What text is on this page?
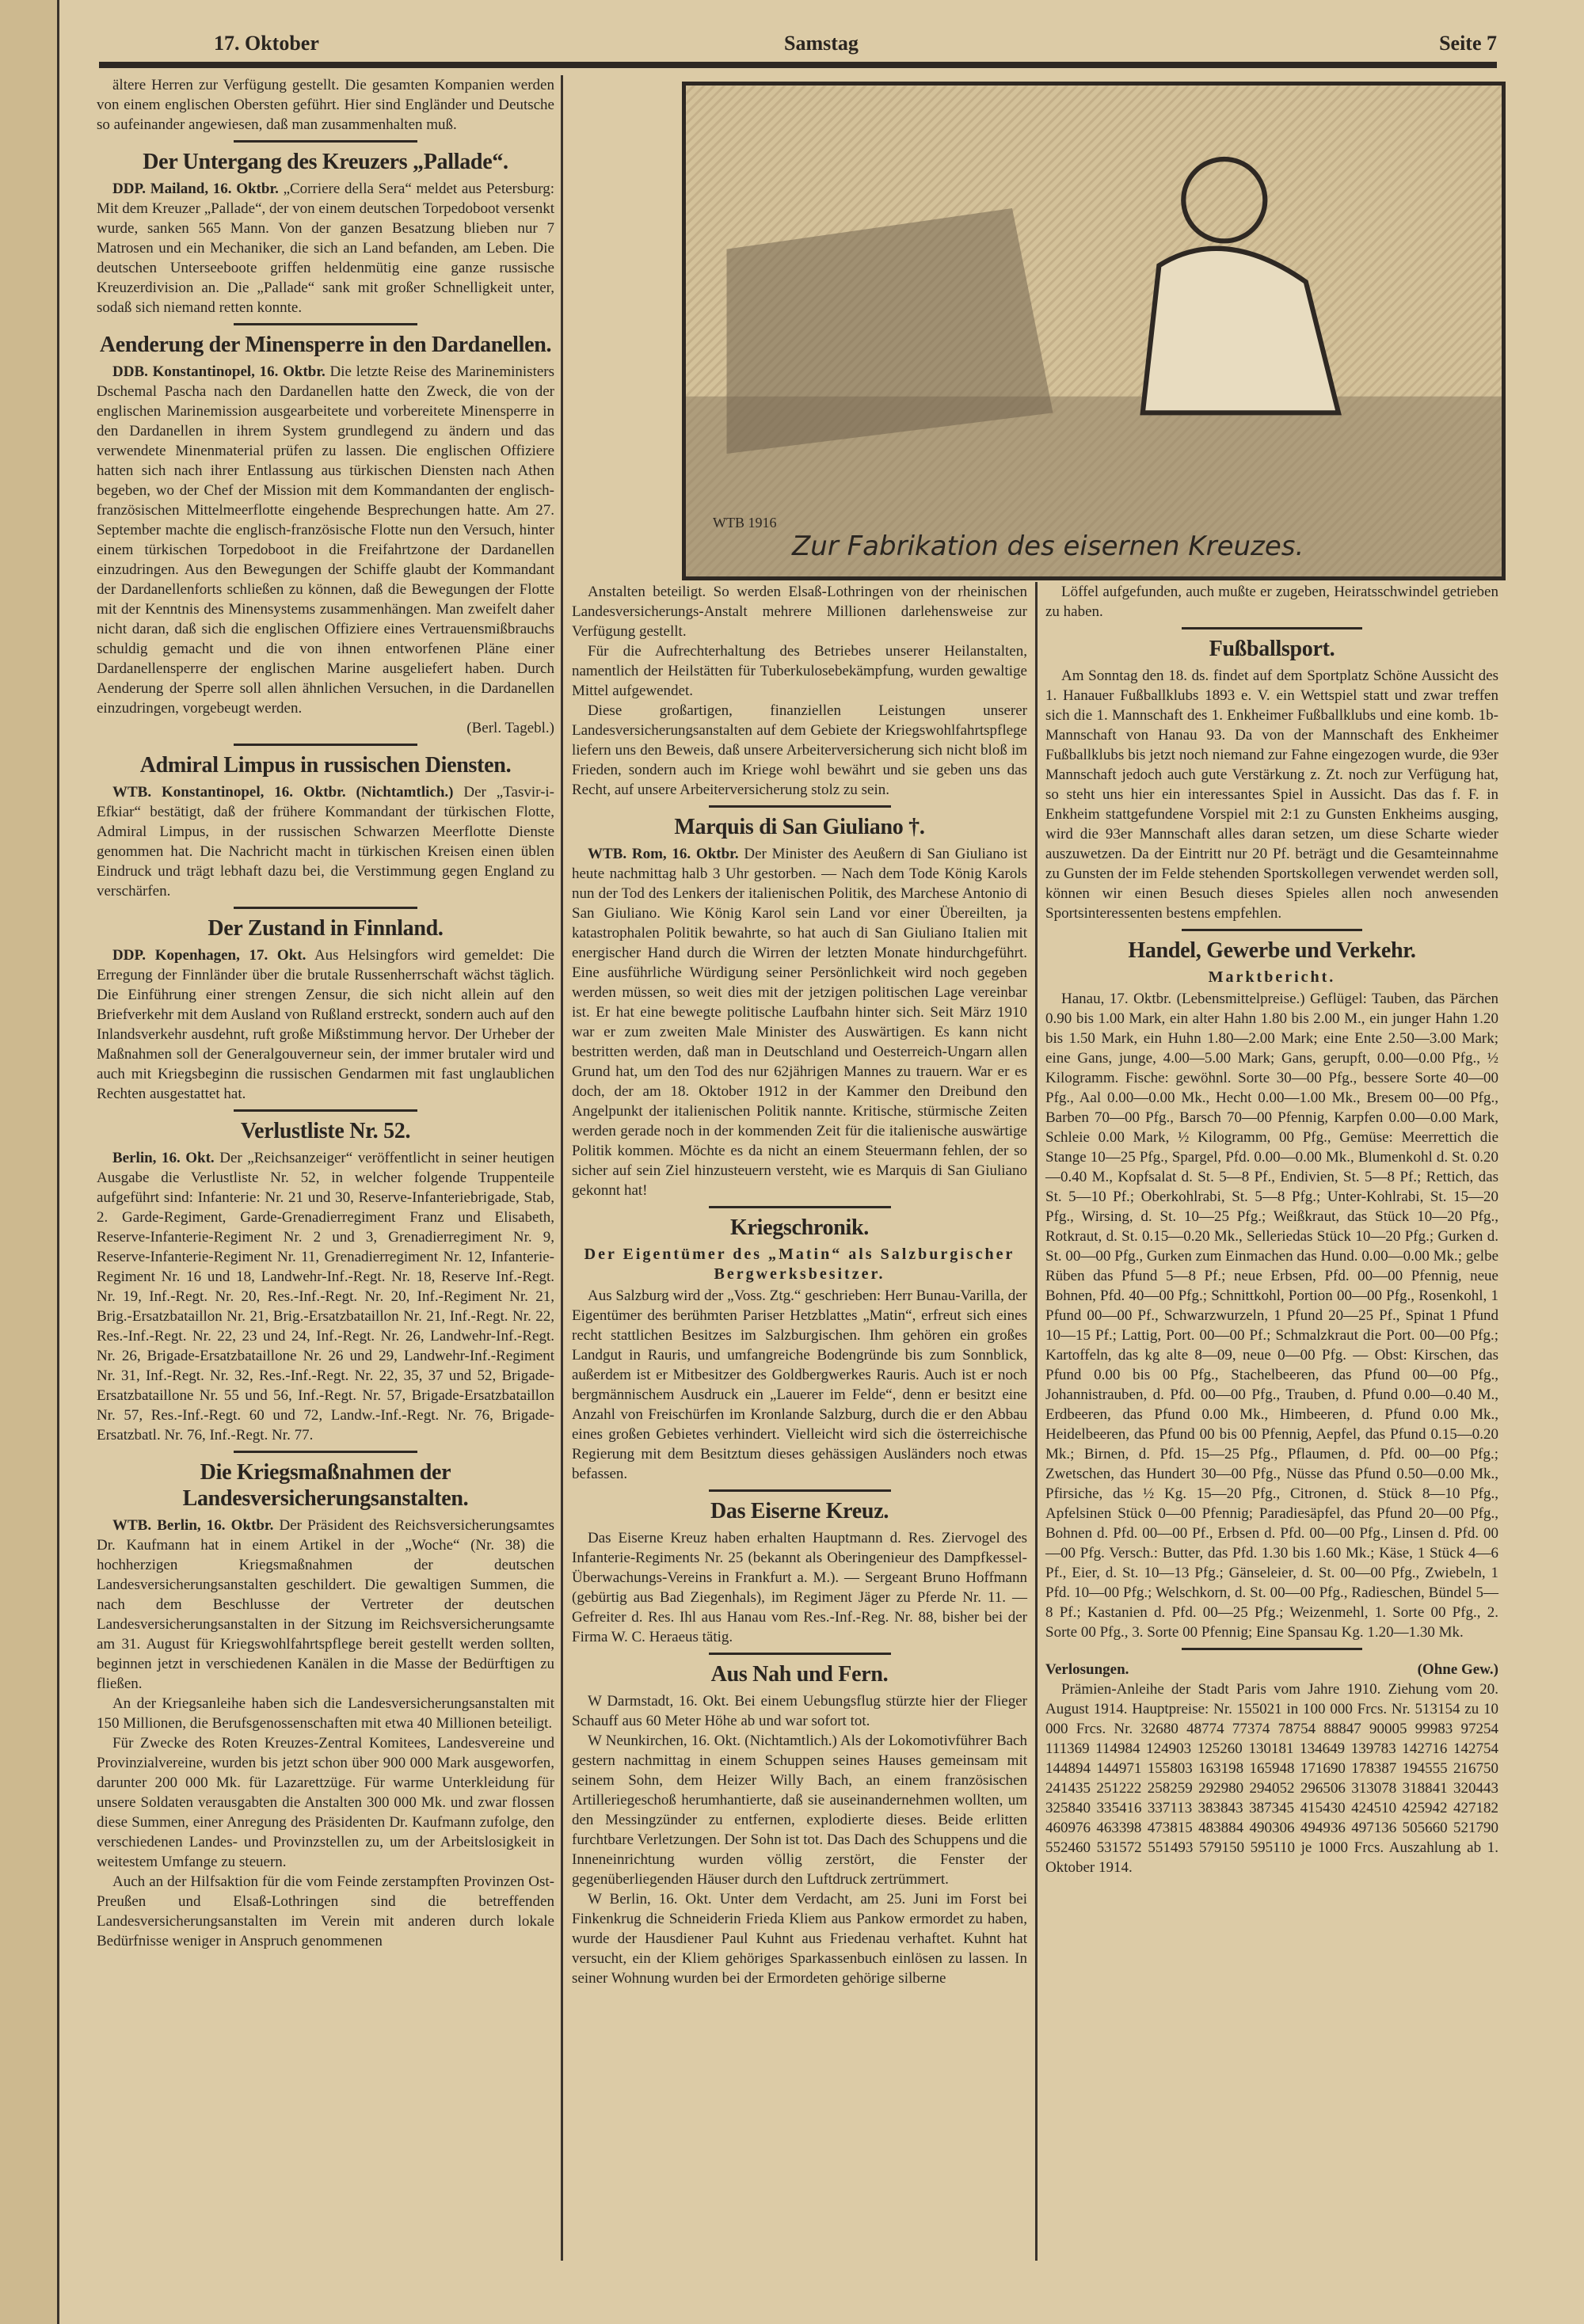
17. Oktober	Samstag	Seite 7
WTB 1916
Zur Fabrikation des eisernen Kreuzes.

ältere Herren zur Verfügung gestellt. Die gesamten Kompanien werden von einem englischen Obersten geführt. Hier sind Engländer und Deutsche so aufeinander angewiesen, daß man zusammenhalten muß.

Der Untergang des Kreuzers „Pallade“.

DDP. Mailand, 16. Oktbr. „Corriere della Sera“ meldet aus Petersburg: Mit dem Kreuzer „Pallade“, der von einem deutschen Torpedoboot versenkt wurde, sanken 565 Mann. Von der ganzen Besatzung blieben nur 7 Matrosen und ein Mechaniker, die sich an Land befanden, am Leben. Die deutschen Unterseeboote griffen heldenmütig eine ganze russische Kreuzerdivision an. Die „Pallade“ sank mit großer Schnelligkeit unter, sodaß sich niemand retten konnte.

Aenderung der Minensperre in den Dardanellen.

DDB. Konstantinopel, 16. Oktbr. Die letzte Reise des Marineministers Dschemal Pascha nach den Dardanellen hatte den Zweck, die von der englischen Marinemission ausgearbeitete und vorbereitete Minensperre in den Dardanellen in ihrem System grundlegend zu ändern und das verwendete Minenmaterial prüfen zu lassen. Die englischen Offiziere hatten sich nach ihrer Entlassung aus türkischen Diensten nach Athen begeben, wo der Chef der Mission mit dem Kommandanten der englisch-französischen Mittelmeerflotte eingehende Besprechungen hatte. Am 27. September machte die englisch-französische Flotte nun den Versuch, hinter einem türkischen Torpedoboot in die Freifahrtzone der Dardanellen einzudringen. Aus den Bewegungen der Schiffe glaubt der Kommandant der Dardanellenforts schließen zu können, daß die Bewegungen der Flotte mit der Kenntnis des Minensystems zusammenhängen. Man zweifelt daher nicht daran, daß sich die englischen Offiziere eines Vertrauensmißbrauchs schuldig gemacht und die von ihnen entworfenen Pläne einer Dardanellensperre der englischen Marine ausgeliefert haben. Durch Aenderung der Sperre soll allen ähnlichen Versuchen, in die Dardanellen einzudringen, vorgebeugt werden.

(Berl. Tagebl.)

Admiral Limpus in russischen Diensten.

WTB. Konstantinopel, 16. Oktbr. (Nichtamtlich.) Der „Tasvir-i-Efkiar“ bestätigt, daß der frühere Kommandant der türkischen Flotte, Admiral Limpus, in der russischen Schwarzen Meerflotte Dienste genommen hat. Die Nachricht macht in türkischen Kreisen einen üblen Eindruck und trägt lebhaft dazu bei, die Verstimmung gegen England zu verschärfen.

Der Zustand in Finnland.

DDP. Kopenhagen, 17. Okt. Aus Helsingfors wird gemeldet: Die Erregung der Finnländer über die brutale Russenherrschaft wächst täglich. Die Einführung einer strengen Zensur, die sich nicht allein auf den Briefverkehr mit dem Ausland von Rußland erstreckt, sondern auch auf den Inlandsverkehr ausdehnt, ruft große Mißstimmung hervor. Der Urheber der Maßnahmen soll der Generalgouverneur sein, der immer brutaler wird und auch mit Kriegsbeginn die russischen Gendarmen mit fast unglaublichen Rechten ausgestattet hat.

Verlustliste Nr. 52.

Berlin, 16. Okt. Der „Reichsanzeiger“ veröffentlicht in seiner heutigen Ausgabe die Verlustliste Nr. 52, in welcher folgende Truppenteile aufgeführt sind: Infanterie: Nr. 21 und 30, Reserve-Infanteriebrigade, Stab, 2. Garde-Regiment, Garde-Grenadierregiment Franz und Elisabeth, Reserve-Infanterie-Regiment Nr. 2 und 3, Grenadierregiment Nr. 9, Reserve-Infanterie-Regiment Nr. 11, Grenadierregiment Nr. 12, Infanterie-Regiment Nr. 16 und 18, Landwehr-Inf.-Regt. Nr. 18, Reserve Inf.-Regt. Nr. 19, Inf.-Regt. Nr. 20, Res.-Inf.-Regt. Nr. 20, Inf.-Regiment Nr. 21, Brig.-Ersatzbataillon Nr. 21, Brig.-Ersatzbataillon Nr. 21, Inf.-Regt. Nr. 22, Res.-Inf.-Regt. Nr. 22, 23 und 24, Inf.-Regt. Nr. 26, Landwehr-Inf.-Regt. Nr. 26, Brigade-Ersatzbataillone Nr. 26 und 29, Landwehr-Inf.-Regiment Nr. 31, Inf.-Regt. Nr. 32, Res.-Inf.-Regt. Nr. 22, 35, 37 und 52, Brigade-Ersatzbataillone Nr. 55 und 56, Inf.-Regt. Nr. 57, Brigade-Ersatzbataillon Nr. 57, Res.-Inf.-Regt. 60 und 72, Landw.-Inf.-Regt. Nr. 76, Brigade-Ersatzbatl. Nr. 76, Inf.-Regt. Nr. 77.

Die Kriegsmaßnahmen der Landesversicherungsanstalten.

WTB. Berlin, 16. Oktbr. Der Präsident des Reichsversicherungsamtes Dr. Kaufmann hat in einem Artikel in der „Woche“ (Nr. 38) die hochherzigen Kriegsmaßnahmen der deutschen Landesversicherungsanstalten geschildert. Die gewaltigen Summen, die nach dem Beschlusse der Vertreter der deutschen Landesversicherungsanstalten in der Sitzung im Reichsversicherungsamte am 31. August für Kriegswohlfahrtspflege bereit gestellt werden sollten, beginnen jetzt in verschiedenen Kanälen in die Masse der Bedürftigen zu fließen.

An der Kriegsanleihe haben sich die Landesversicherungsanstalten mit 150 Millionen, die Berufsgenossenschaften mit etwa 40 Millionen beteiligt.

Für Zwecke des Roten Kreuzes-Zentral Komitees, Landesvereine und Provinzialvereine, wurden bis jetzt schon über 900 000 Mark ausgeworfen, darunter 200 000 Mk. für Lazarettzüge. Für warme Unterkleidung für unsere Soldaten verausgabten die Anstalten 300 000 Mk. und zwar flossen diese Summen, einer Anregung des Präsidenten Dr. Kaufmann zufolge, den verschiedenen Landes- und Provinzstellen zu, um der Arbeitslosigkeit in weitestem Umfange zu steuern.

Auch an der Hilfsaktion für die vom Feinde zerstampften Provinzen Ost-Preußen und Elsaß-Lothringen sind die betreffenden Landesversicherungsanstalten im Verein mit anderen durch lokale Bedürfnisse weniger in Anspruch genommenen

Anstalten beteiligt. So werden Elsaß-Lothringen von der rheinischen Landesversicherungs-Anstalt mehrere Millionen darlehensweise zur Verfügung gestellt.

Für die Aufrechterhaltung des Betriebes unserer Heilanstalten, namentlich der Heilstätten für Tuberkulosebekämpfung, wurden gewaltige Mittel aufgewendet.

Diese großartigen, finanziellen Leistungen unserer Landesversicherungsanstalten auf dem Gebiete der Kriegswohlfahrtspflege liefern uns den Beweis, daß unsere Arbeiterversicherung sich nicht bloß im Frieden, sondern auch im Kriege wohl bewährt und sie geben uns das Recht, auf unsere Arbeiterversicherung stolz zu sein.

Marquis di San Giuliano †.

WTB. Rom, 16. Oktbr. Der Minister des Aeußern di San Giuliano ist heute nachmittag halb 3 Uhr gestorben. — Nach dem Tode König Karols nun der Tod des Lenkers der italienischen Politik, des Marchese Antonio di San Giuliano. Wie König Karol sein Land vor einer Übereilten, ja katastrophalen Politik bewahrte, so hat auch di San Giuliano Italien mit energischer Hand durch die Wirren der letzten Monate hindurchgeführt. Eine ausführliche Würdigung seiner Persönlichkeit wird noch gegeben werden müssen, so weit dies mit der jetzigen politischen Lage vereinbar ist. Er hat eine bewegte politische Laufbahn hinter sich. Seit März 1910 war er zum zweiten Male Minister des Auswärtigen. Es kann nicht bestritten werden, daß man in Deutschland und Oesterreich-Ungarn allen Grund hat, um den Tod des nur 62jährigen Mannes zu trauern. War er es doch, der am 18. Oktober 1912 in der Kammer den Dreibund den Angelpunkt der italienischen Politik nannte. Kritische, stürmische Zeiten werden gerade noch in der kommenden Zeit für die italienische auswärtige Politik kommen. Möchte es da nicht an einem Steuermann fehlen, der so sicher auf sein Ziel hinzusteuern versteht, wie es Marquis di San Giuliano gekonnt hat!

Kriegschronik.
Der Eigentümer des „Matin“ als Salzburgischer Bergwerksbesitzer.

Aus Salzburg wird der „Voss. Ztg.“ geschrieben: Herr Bunau-Varilla, der Eigentümer des berühmten Pariser Hetzblattes „Matin“, erfreut sich eines recht stattlichen Besitzes im Salzburgischen. Ihm gehören ein großes Landgut in Rauris, und umfangreiche Bodengründe bis zum Sonnblick, außerdem ist er Mitbesitzer des Goldbergwerkes Rauris. Auch ist er noch bergmännischem Ausdruck ein „Lauerer im Felde“, denn er besitzt eine Anzahl von Freischürfen im Kronlande Salzburg, durch die er den Abbau eines großen Gebietes verhindert. Vielleicht wird sich die österreichische Regierung mit dem Besitztum dieses gehässigen Ausländers noch etwas befassen.

Das Eiserne Kreuz.

Das Eiserne Kreuz haben erhalten Hauptmann d. Res. Ziervogel des Infanterie-Regiments Nr. 25 (bekannt als Oberingenieur des Dampfkessel-Überwachungs-Vereins in Frankfurt a. M.). — Sergeant Bruno Hoffmann (gebürtig aus Bad Ziegenhals), im Regiment Jäger zu Pferde Nr. 11. — Gefreiter d. Res. Ihl aus Hanau vom Res.-Inf.-Reg. Nr. 88, bisher bei der Firma W. C. Heraeus tätig.

Aus Nah und Fern.

W Darmstadt, 16. Okt. Bei einem Uebungsflug stürzte hier der Flieger Schauff aus 60 Meter Höhe ab und war sofort tot.

W Neunkirchen, 16. Okt. (Nichtamtlich.) Als der Lokomotivführer Bach gestern nachmittag in einem Schuppen seines Hauses gemeinsam mit seinem Sohn, dem Heizer Willy Bach, an einem französischen Artilleriegeschoß herumhantierte, daß sie auseinandernehmen wollten, um den Messingzünder zu entfernen, explodierte dieses. Beide erlitten furchtbare Verletzungen. Der Sohn ist tot. Das Dach des Schuppens und die Inneneinrichtung wurden völlig zerstört, die Fenster der gegenüberliegenden Häuser durch den Luftdruck zertrümmert.

W Berlin, 16. Okt. Unter dem Verdacht, am 25. Juni im Forst bei Finkenkrug die Schneiderin Frieda Kliem aus Pankow ermordet zu haben, wurde der Hausdiener Paul Kuhnt aus Friedenau verhaftet. Kuhnt hat versucht, ein der Kliem gehöriges Sparkassenbuch einlösen zu lassen. In seiner Wohnung wurden bei der Ermordeten gehörige silberne

Löffel aufgefunden, auch mußte er zugeben, Heiratsschwindel getrieben zu haben.

Fußballsport.

Am Sonntag den 18. ds. findet auf dem Sportplatz Schöne Aussicht des 1. Hanauer Fußballklubs 1893 e. V. ein Wettspiel statt und zwar treffen sich die 1. Mannschaft des 1. Enkheimer Fußballklubs und eine komb. 1b-Mannschaft von Hanau 93. Da von der Mannschaft des Enkheimer Fußballklubs bis jetzt noch niemand zur Fahne eingezogen wurde, die 93er Mannschaft jedoch auch gute Verstärkung z. Zt. noch zur Verfügung hat, so steht uns hier ein interessantes Spiel in Aussicht. Das das f. F. in Enkheim stattgefundene Vorspiel mit 2:1 zu Gunsten Enkheims ausging, wird die 93er Mannschaft alles daran setzen, um diese Scharte wieder auszuwetzen. Da der Eintritt nur 20 Pf. beträgt und die Gesamteinnahme zu Gunsten der im Felde stehenden Sportskollegen verwendet werden soll, können wir einen Besuch dieses Spieles allen noch anwesenden Sportsinteressenten bestens empfehlen.

Handel, Gewerbe und Verkehr.
Marktbericht.

Hanau, 17. Oktbr. (Lebensmittelpreise.) Geflügel: Tauben, das Pärchen 0.90 bis 1.00 Mark, ein alter Hahn 1.80 bis 2.00 M., ein junger Hahn 1.20 bis 1.50 Mark, ein Huhn 1.80—2.00 Mark; eine Ente 2.50—3.00 Mark; eine Gans, junge, 4.00—5.00 Mark; Gans, gerupft, 0.00—0.00 Pfg., ½ Kilogramm. Fische: gewöhnl. Sorte 30—00 Pfg., bessere Sorte 40—00 Pfg., Aal 0.00—0.00 Mk., Hecht 0.00—1.00 Mk., Bresem 00—00 Pfg., Barben 70—00 Pfg., Barsch 70—00 Pfennig, Karpfen 0.00—0.00 Mark, Schleie 0.00 Mark, ½ Kilogramm, 00 Pfg., Gemüse: Meerrettich die Stange 10—25 Pfg., Spargel, Pfd. 0.00—0.00 Mk., Blumenkohl d. St. 0.20—0.40 M., Kopfsalat d. St. 5—8 Pf., Endivien, St. 5—8 Pf.; Rettich, das St. 5—10 Pf.; Oberkohlrabi, St. 5—8 Pfg.; Unter-Kohlrabi, St. 15—20 Pfg., Wirsing, d. St. 10—25 Pfg.; Weißkraut, das Stück 10—20 Pfg., Rotkraut, d. St. 0.15—0.20 Mk., Selleriedas Stück 10—20 Pfg.; Gurken d. St. 00—00 Pfg., Gurken zum Einmachen das Hund. 0.00—0.00 Mk.; gelbe Rüben das Pfund 5—8 Pf.; neue Erbsen, Pfd. 00—00 Pfennig, neue Bohnen, Pfd. 40—00 Pfg.; Schnittkohl, Portion 00—00 Pfg., Rosenkohl, 1 Pfund 00—00 Pf., Schwarzwurzeln, 1 Pfund 20—25 Pf., Spinat 1 Pfund 10—15 Pf.; Lattig, Port. 00—00 Pf.; Schmalzkraut die Port. 00—00 Pfg.; Kartoffeln, das kg alte 8—09, neue 0—00 Pfg. — Obst: Kirschen, das Pfund 0.00 bis 00 Pfg., Stachelbeeren, das Pfund 00—00 Pfg., Johannistrauben, d. Pfd. 00—00 Pfg., Trauben, d. Pfund 0.00—0.40 M., Erdbeeren, das Pfund 0.00 Mk., Himbeeren, d. Pfund 0.00 Mk., Heidelbeeren, das Pfund 00 bis 00 Pfennig, Aepfel, das Pfund 0.15—0.20 Mk.; Birnen, d. Pfd. 15—25 Pfg., Pflaumen, d. Pfd. 00—00 Pfg.; Zwetschen, das Hundert 30—00 Pfg., Nüsse das Pfund 0.50—0.00 Mk., Pfirsiche, das ½ Kg. 15—20 Pfg., Citronen, d. Stück 8—10 Pfg., Apfelsinen Stück 0—00 Pfennig; Paradiesäpfel, das Pfund 20—00 Pfg., Bohnen d. Pfd. 00—00 Pf., Erbsen d. Pfd. 00—00 Pfg., Linsen d. Pfd. 00—00 Pfg. Versch.: Butter, das Pfd. 1.30 bis 1.60 Mk.; Käse, 1 Stück 4—6 Pf., Eier, d. St. 10—13 Pfg.; Gänseleier, d. St. 00—00 Pfg., Zwiebeln, 1 Pfd. 10—00 Pfg.; Welschkorn, d. St. 00—00 Pfg., Radieschen, Bündel 5—8 Pf.; Kastanien d. Pfd. 00—25 Pfg.; Weizenmehl, 1. Sorte 00 Pfg., 2. Sorte 00 Pfg., 3. Sorte 00 Pfennig; Eine Spansau Kg. 1.20—1.30 Mk.

Verlosungen.	(Ohne Gew.)

Prämien-Anleihe der Stadt Paris vom Jahre 1910. Ziehung vom 20. August 1914. Hauptpreise: Nr. 155021 in 100 000 Frcs. Nr. 513154 zu 10 000 Frcs. Nr. 32680 48774 77374 78754 88847 90005 99983 97254 111369 114984 124903 125260 130181 134649 139783 142716 142754 144894 144971 155803 163198 165948 171690 178387 194555 216750 241435 251222 258259 292980 294052 296506 313078 318841 320443 325840 335416 337113 383843 387345 415430 424510 425942 427182 460976 463398 473815 483884 490306 494936 497136 505660 521790 552460 531572 551493 579150 595110 je 1000 Frcs. Auszahlung ab 1. Oktober 1914.
